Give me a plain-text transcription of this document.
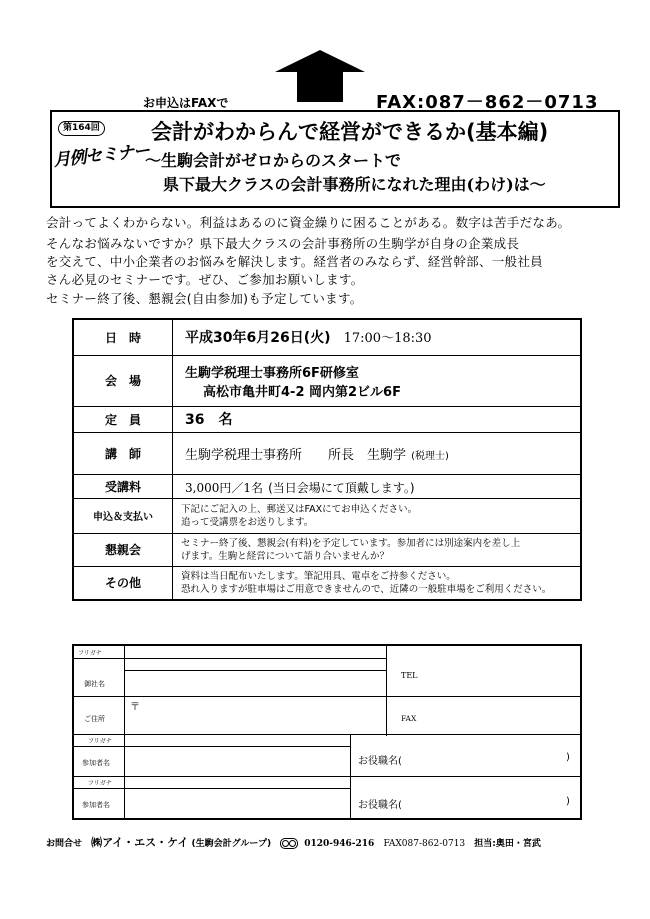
お申込はFAXで	FAX:087－862－0713
第164回
月例セミナー
会計がわからんで経営ができるか(基本編)
～生駒会計がゼロからのスタートで
県下最大クラスの会計事務所になれた理由(わけ)は～
会計ってよくわからない。利益はあるのに資金繰りに困ることがある。数字は苦手だなあ。
そんなお悩みないですか？県下最大クラスの会計事務所の生駒学が自身の企業成長
を交えて、中小企業者のお悩みを解決します。経営者のみならず、経営幹部、一般社員
さん必見のセミナーです。ぜひ、ご参加お願いします。
セミナー終了後、懇親会(自由参加)も予定しています。
日　時	平成30年6月26日(火) 17:00～18:30
会　場	生駒学税理士事務所6F研修室
高松市亀井町4-2 岡内第2ビル6F

定　員	36　名
講　師	生駒学税理士事務所　　所長　生駒学 (税理士)
受講料	3,000円／1名 (当日会場にて頂戴します。)
申込＆支払い	下記にご記入の上、郵送又はFAXにてお申込ください。
追って受講票をお送りします。

懇親会	セミナー終了後、懇親会(有料)を予定しています。参加者には別途案内を差し上
げます。生駒と経営について語り合いませんか？

その他	資料は当日配布いたします。筆記用具、電卓をご持参ください。
恐れ入りますが駐車場はご用意できませんので、近隣の一般駐車場をご利用ください。
フリガナ
御社名
TEL
ご住所
〒
FAX
フリガナ
参加者名	お役職名(	)
フリガナ
参加者名	お役職名(	)
お問合せ ㈱アイ・エス・ケイ (生駒会計グループ)	0120-946-216 FAX087-862-0713 担当:奥田・宮武
